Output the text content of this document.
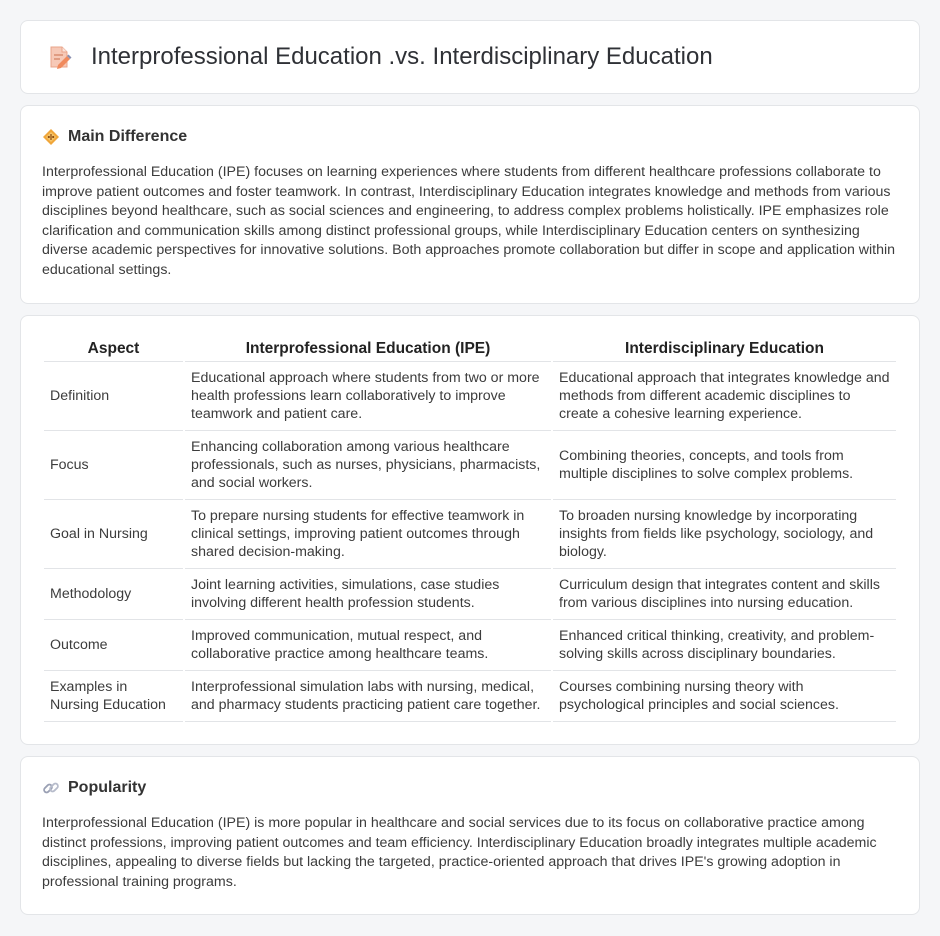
Interprofessional Education .vs. Interdisciplinary Education
Main Difference

Interprofessional Education (IPE) focuses on learning experiences where students from different healthcare professions collaborate to improve patient outcomes and foster teamwork. In contrast, Interdisciplinary Education integrates knowledge and methods from various disciplines beyond healthcare, such as social sciences and engineering, to address complex problems holistically. IPE emphasizes role clarification and communication skills among distinct professional groups, while Interdisciplinary Education centers on synthesizing diverse academic perspectives for innovative solutions. Both approaches promote collaboration but differ in scope and application within educational settings.

Aspect	Interprofessional Education (IPE)	Interdisciplinary Education
Definition	Educational approach where students from two or more health professions learn collaboratively to improve teamwork and patient care.	Educational approach that integrates knowledge and methods from different academic disciplines to create a cohesive learning experience.
Focus	Enhancing collaboration among various healthcare professionals, such as nurses, physicians, pharmacists, and social workers.	Combining theories, concepts, and tools from multiple disciplines to solve complex problems.
Goal in Nursing	To prepare nursing students for effective teamwork in clinical settings, improving patient outcomes through shared decision-making.	To broaden nursing knowledge by incorporating insights from fields like psychology, sociology, and biology.
Methodology	Joint learning activities, simulations, case studies involving different health profession students.	Curriculum design that integrates content and skills from various disciplines into nursing education.
Outcome	Improved communication, mutual respect, and collaborative practice among healthcare teams.	Enhanced critical thinking, creativity, and problem-solving skills across disciplinary boundaries.
Examples in Nursing Education	Interprofessional simulation labs with nursing, medical, and pharmacy students practicing patient care together.	Courses combining nursing theory with psychological principles and social sciences.
Popularity

Interprofessional Education (IPE) is more popular in healthcare and social services due to its focus on collaborative practice among distinct professions, improving patient outcomes and team efficiency. Interdisciplinary Education broadly integrates multiple academic disciplines, appealing to diverse fields but lacking the targeted, practice-oriented approach that drives IPE's growing adoption in professional training programs.
